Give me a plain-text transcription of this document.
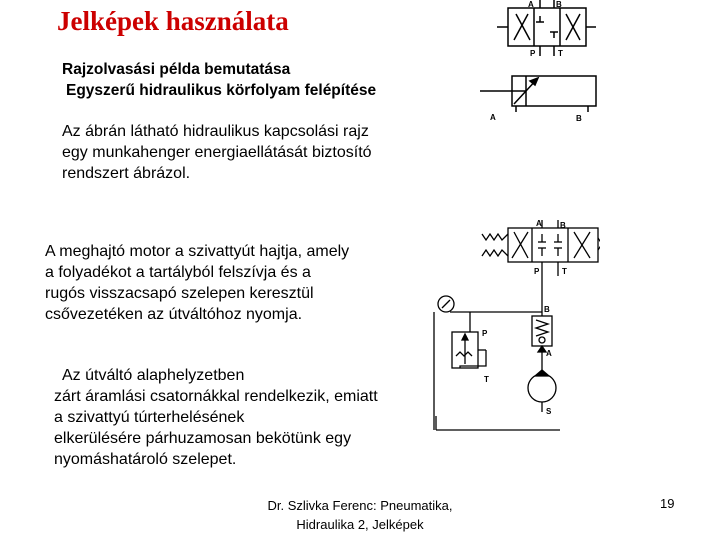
Jelképek használata
Rajzolvasási példa bemutatása
Egyszerű hidraulikus körfolyam felépítése
Az ábrán látható hidraulikus kapcsolási rajz
egy munkahenger energiaellátását biztosító
rendszert ábrázol.
A meghajtó motor a szivattyút hajtja, amely
a folyadékot a tartályból felszívja és a
rugós visszacsapó szelepen keresztül
csővezetéken az útváltóhoz nyomja.
Az útváltó alaphelyzetben
zárt áramlási csatornákkal rendelkezik, emiatt
a szivattyú túrterhelésének
elkerülésére párhuzamosan bekötünk egy
nyomáshatároló szelepet.
A	B
P	T
A	B
A B
P	T
B
A
P
T
S
Dr. Szlivka Ferenc: Pneumatika,
Hidraulika 2, Jelképek
19
